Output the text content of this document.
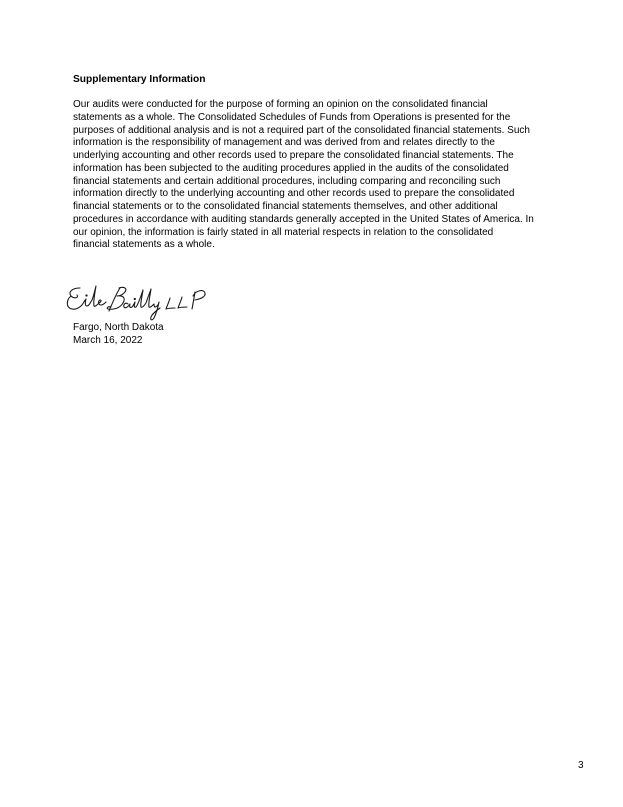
Supplementary Information

Our audits were conducted for the purpose of forming an opinion on the consolidated financial
statements as a whole. The Consolidated Schedules of Funds from Operations is presented for the
purposes of additional analysis and is not a required part of the consolidated financial statements. Such
information is the responsibility of management and was derived from and relates directly to the
underlying accounting and other records used to prepare the consolidated financial statements. The
information has been subjected to the auditing procedures applied in the audits of the consolidated
financial statements and certain additional procedures, including comparing and reconciling such
information directly to the underlying accounting and other records used to prepare the consolidated
financial statements or to the consolidated financial statements themselves, and other additional
procedures in accordance with auditing standards generally accepted in the United States of America. In
our opinion, the information is fairly stated in all material respects in relation to the consolidated
financial statements as a whole.

Fargo, North Dakota
March 16, 2022

3
